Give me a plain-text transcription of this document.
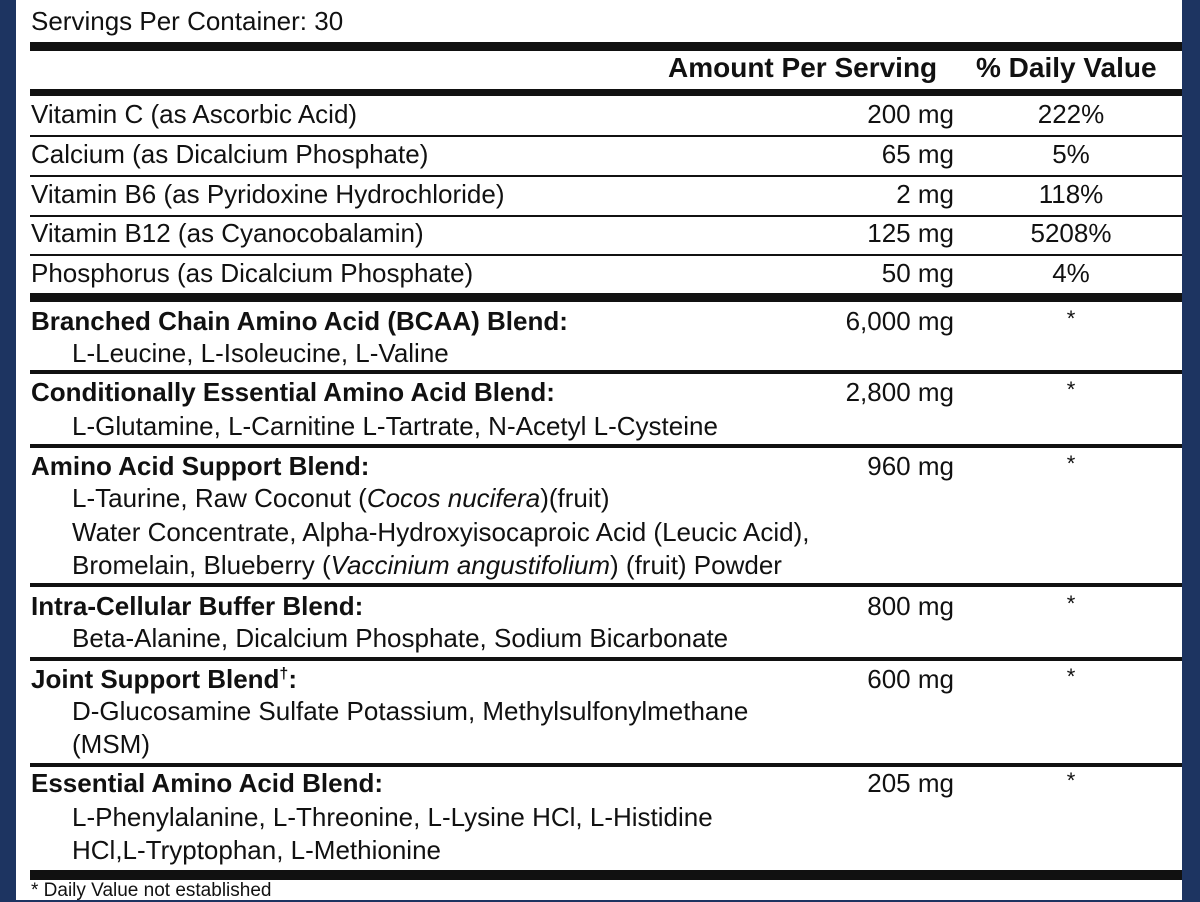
Servings Per Container: 30
Amount Per Serving % Daily Value
Vitamin C (as Ascorbic Acid)	200 mg	222%
Calcium (as Dicalcium Phosphate)	65 mg	5%
Vitamin B6 (as Pyridoxine Hydrochloride)	2 mg	118%
Vitamin B12 (as Cyanocobalamin)	125 mg	5208%
Phosphorus (as Dicalcium Phosphate)	50 mg	4%
Branched Chain Amino Acid (BCAA) Blend:	6,000 mg	*
L-Leucine, L-Isoleucine, L-Valine
Conditionally Essential Amino Acid Blend:	2,800 mg	*
L-Glutamine, L-Carnitine L-Tartrate, N-Acetyl L-Cysteine
Amino Acid Support Blend:	960 mg	*
L-Taurine, Raw Coconut (Cocos nucifera)(fruit)
Water Concentrate, Alpha-Hydroxyisocaproic Acid (Leucic Acid),
Bromelain, Blueberry (Vaccinium angustifolium) (fruit) Powder
Intra-Cellular Buffer Blend:	800 mg	*
Beta-Alanine, Dicalcium Phosphate, Sodium Bicarbonate
Joint Support Blend†:	600 mg	*
D-Glucosamine Sulfate Potassium, Methylsulfonylmethane
(MSM)
Essential Amino Acid Blend:	205 mg	*
L-Phenylalanine, L-Threonine, L-Lysine HCl, L-Histidine
HCl,L-Tryptophan, L-Methionine
* Daily Value not established
